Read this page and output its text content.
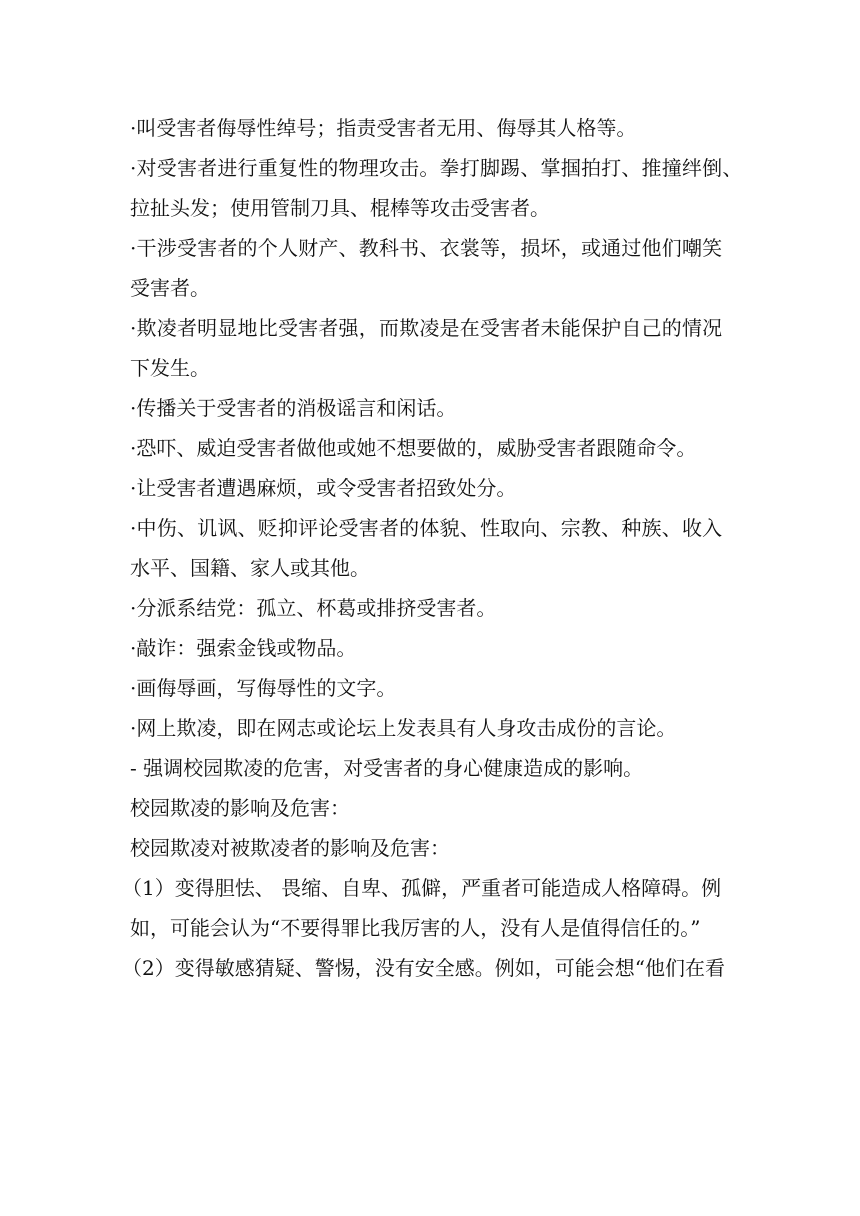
·叫受害者侮辱性绰号；指责受害者无用、侮辱其人格等。

·对受害者进行重复性的物理攻击。拳打脚踢、掌掴拍打、推撞绊倒、

拉扯头发；使用管制刀具、棍棒等攻击受害者。

·干涉受害者的个人财产、教科书、衣裳等，损坏，或通过他们嘲笑

受害者。

·欺凌者明显地比受害者强，而欺凌是在受害者未能保护自己的情况

下发生。

·传播关于受害者的消极谣言和闲话。

·恐吓、威迫受害者做他或她不想要做的，威胁受害者跟随命令。

·让受害者遭遇麻烦，或令受害者招致处分。

·中伤、讥讽、贬抑评论受害者的体貌、性取向、宗教、种族、收入

水平、国籍、家人或其他。

·分派系结党：孤立、杯葛或排挤受害者。

·敲诈：强索金钱或物品。

·画侮辱画，写侮辱性的文字。

·网上欺凌，即在网志或论坛上发表具有人身攻击成份的言论。

- 强调校园欺凌的危害，对受害者的身心健康造成的影响。

校园欺凌的影响及危害：

校园欺凌对被欺凌者的影响及危害：

（1）变得胆怯、 畏缩、自卑、孤僻，严重者可能造成人格障碍。例

如，可能会认为“不要得罪比我厉害的人，没有人是值得信任的。”

（2）变得敏感猜疑、警惕，没有安全感。例如，可能会想“他们在看
